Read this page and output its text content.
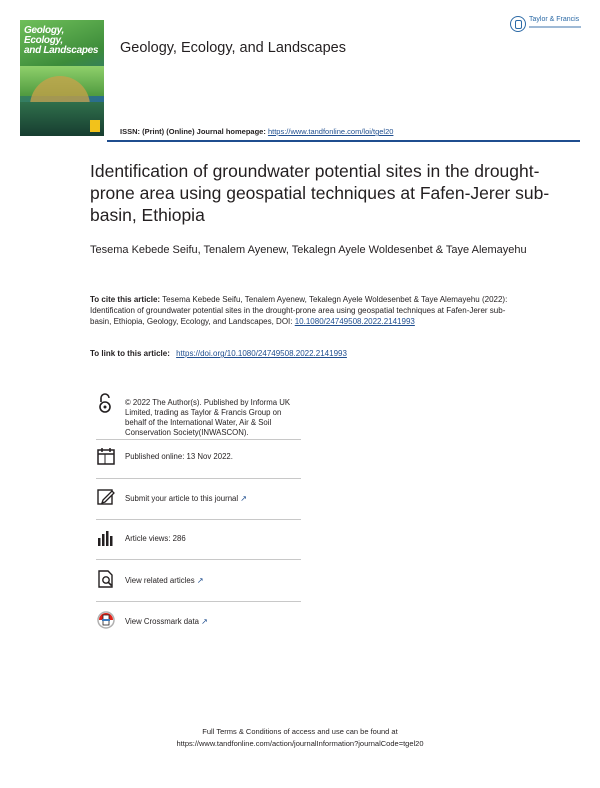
Geology, Ecology,
and Landscapes Geology, Ecology, and Landscapes
Taylor & Francis
ISSN: (Print) (Online) Journal homepage: https://www.tandfonline.com/loi/tgel20
Identification of groundwater potential sites in the drought-prone area using geospatial techniques at Fafen-Jerer sub-basin, Ethiopia
Tesema Kebede Seifu, Tenalem Ayenew, Tekalegn Ayele Woldesenbet & Taye Alemayehu
To cite this article: Tesema Kebede Seifu, Tenalem Ayenew, Tekalegn Ayele Woldesenbet & Taye Alemayehu (2022): Identification of groundwater potential sites in the drought-prone area using geospatial techniques at Fafen-Jerer sub-basin, Ethiopia, Geology, Ecology, and Landscapes, DOI: 10.1080/24749508.2022.2141993
To link to this article: https://doi.org/10.1080/24749508.2022.2141993
© 2022 The Author(s). Published by Informa UK Limited, trading as Taylor & Francis Group on behalf of the International Water, Air & Soil Conservation Society(INWASCON).
Published online: 13 Nov 2022.
Submit your article to this journal ↗
Article views: 286
View related articles ↗
View Crossmark data ↗
Full Terms & Conditions of access and use can be found at
https://www.tandfonline.com/action/journalInformation?journalCode=tgel20
